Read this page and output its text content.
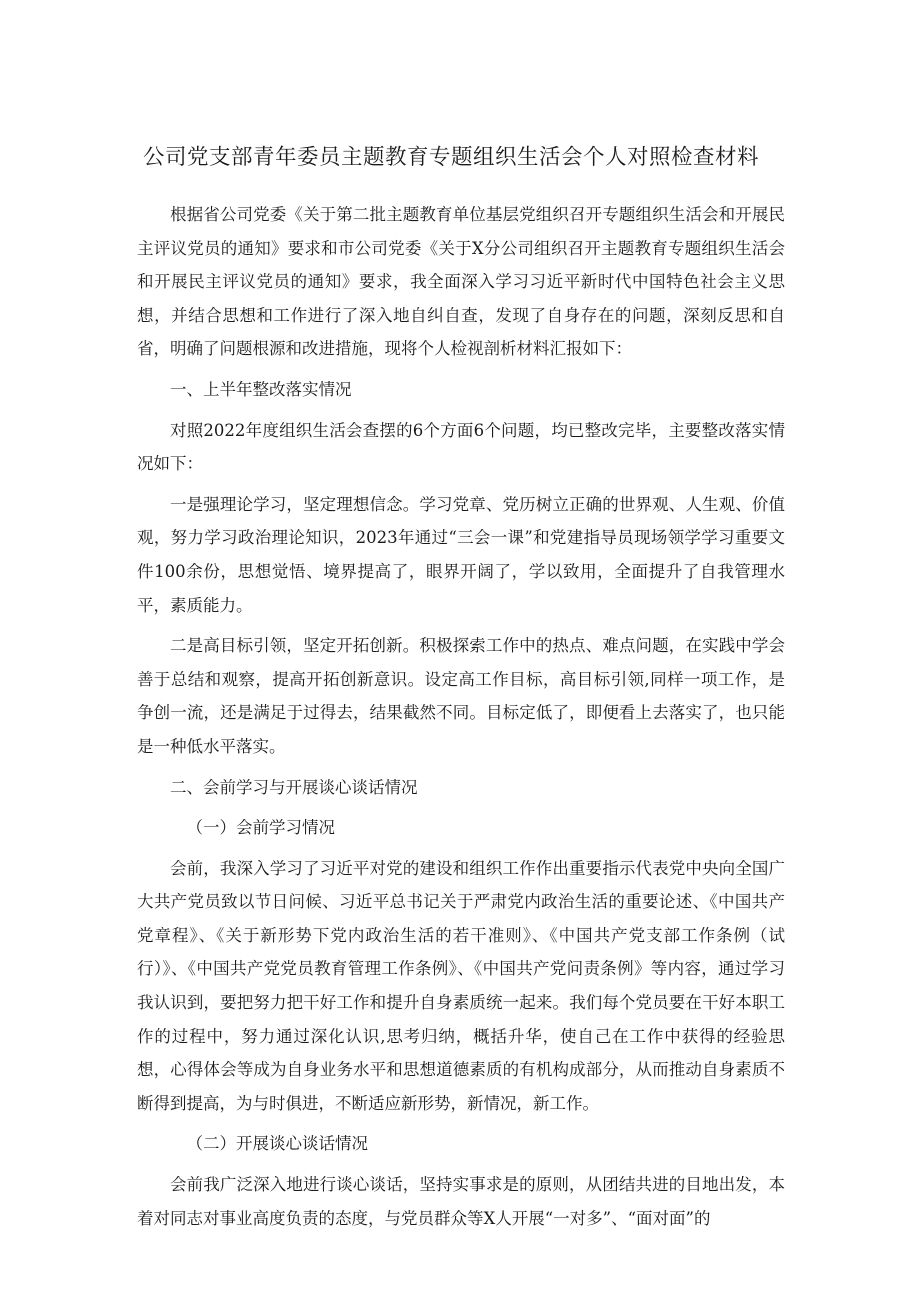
公司党支部青年委员主题教育专题组织生活会个人对照检查材料

根据省公司党委《关于第二批主题教育单位基层党组织召开专题组织生活会和开展民主评议党员的通知》要求和市公司党委《关于X分公司组织召开主题教育专题组织生活会和开展民主评议党员的通知》要求，我全面深入学习习近平新时代中国特色社会主义思想，并结合思想和工作进行了深入地自纠自查，发现了自身存在的问题，深刻反思和自省，明确了问题根源和改进措施，现将个人检视剖析材料汇报如下：

一、上半年整改落实情况

对照2022年度组织生活会查摆的6个方面6个问题，均已整改完毕，主要整改落实情况如下：

一是强理论学习，坚定理想信念。学习党章、党历树立正确的世界观、人生观、价值观，努力学习政治理论知识，2023年通过“三会一课”和党建指导员现场领学学习重要文件100余份，思想觉悟、境界提高了，眼界开阔了，学以致用，全面提升了自我管理水平，素质能力。

二是高目标引领，坚定开拓创新。积极探索工作中的热点、难点问题，在实践中学会善于总结和观察，提高开拓创新意识。设定高工作目标，高目标引领,同样一项工作，是争创一流，还是满足于过得去，结果截然不同。目标定低了，即便看上去落实了，也只能是一种低水平落实。

二、会前学习与开展谈心谈话情况

（一）会前学习情况

会前，我深入学习了习近平对党的建设和组织工作作出重要指示代表党中央向全国广大共产党员致以节日问候、习近平总书记关于严肃党内政治生活的重要论述、《中国共产党章程》、《关于新形势下党内政治生活的若干准则》、《中国共产党支部工作条例（试行）》、《中国共产党党员教育管理工作条例》、《中国共产党问责条例》等内容，通过学习我认识到，要把努力把干好工作和提升自身素质统一起来。我们每个党员要在干好本职工作的过程中，努力通过深化认识,思考归纳，概括升华，使自己在工作中获得的经验思想，心得体会等成为自身业务水平和思想道德素质的有机构成部分，从而推动自身素质不断得到提高，为与时俱进，不断适应新形势，新情况，新工作。

（二）开展谈心谈话情况

会前我广泛深入地进行谈心谈话，坚持实事求是的原则，从团结共进的目地出发，本着对同志对事业高度负责的态度，与党员群众等X人开展“一对多”、“面对面”的
